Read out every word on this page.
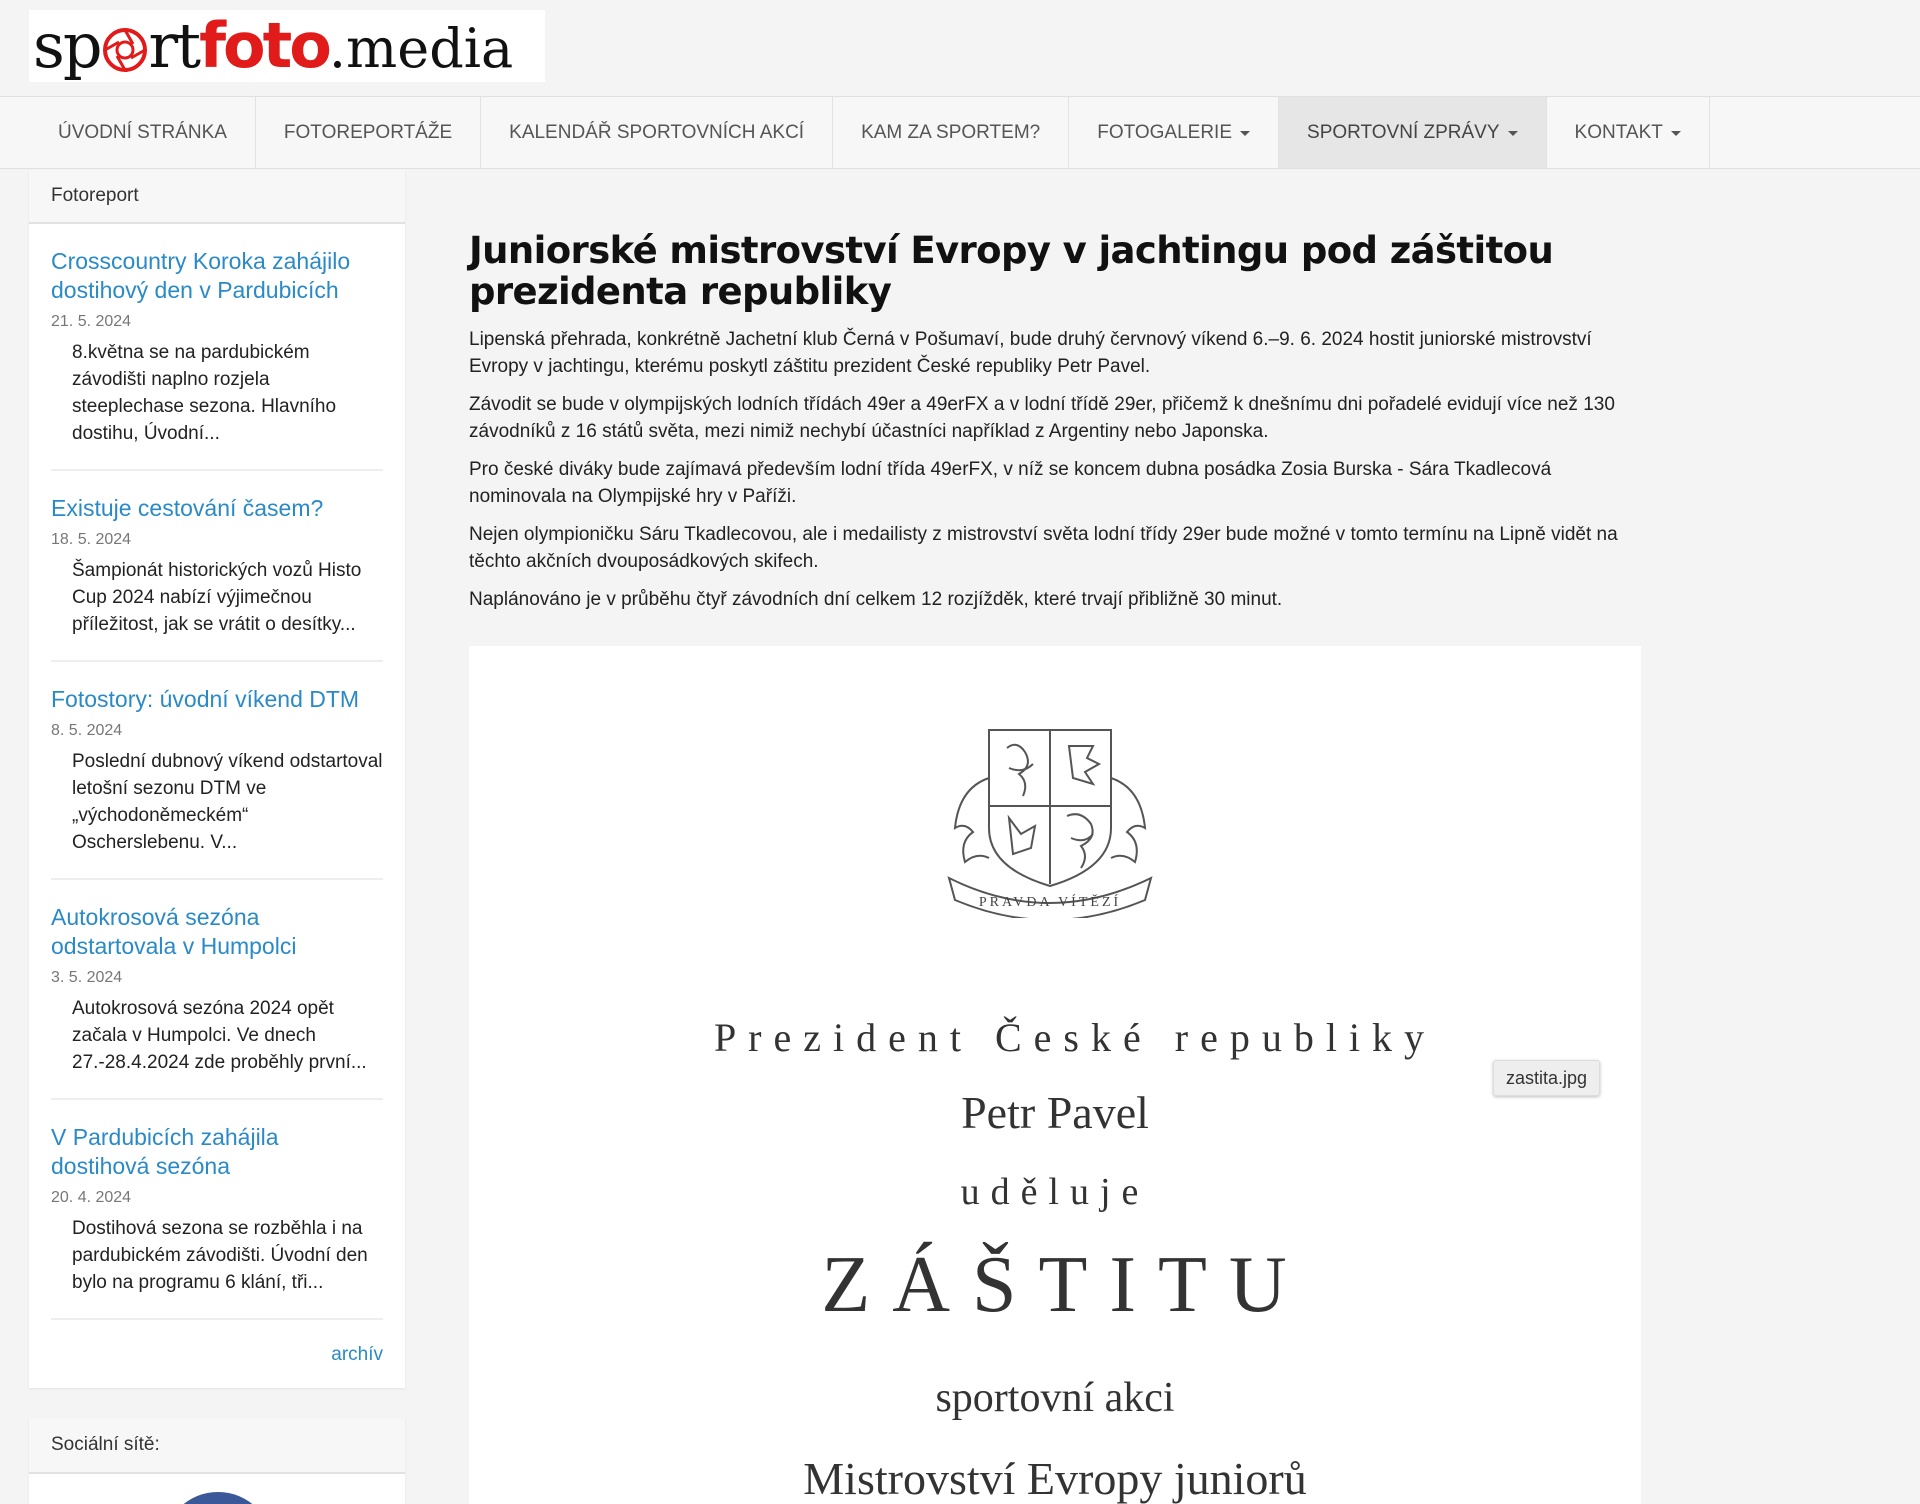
sp rt foto .media
ÚVODNÍ STRÁNKA	FOTOREPORTÁŽE	KALENDÁŘ SPORTOVNÍCH AKCÍ	KAM ZA SPORTEM?	FOTOGALERIE	SPORTOVNÍ ZPRÁVY	KONTAKT
Fotoreport
Crosscountry Koroka zahájilo dostihový den v Pardubicích
21. 5. 2024
8.května se na pardubickém závodišti naplno rozjela steeplechase sezona. Hlavního dostihu, Úvodní...
Existuje cestování časem?
18. 5. 2024
Šampionát historických vozů Histo Cup 2024 nabízí výjimečnou příležitost, jak se vrátit o desítky...
Fotostory: úvodní víkend DTM
8. 5. 2024
Poslední dubnový víkend odstartoval letošní sezonu DTM ve „východoněmeckém“ Oscherslebenu. V...
Autokrosová sezóna odstartovala v Humpolci
3. 5. 2024
Autokrosová sezóna 2024 opět začala v Humpolci. Ve dnech 27.-28.4.2024 zde proběhly první...
V Pardubicích zahájila dostihová sezóna
20. 4. 2024
Dostihová sezona se rozběhla i na pardubickém závodišti. Úvodní den bylo na programu 6 klání, tři...
archív
Sociální sítě:
Juniorské mistrovství Evropy v jachtingu pod záštitou prezidenta republiky

Lipenská přehrada, konkrétně Jachetní klub Černá v Pošumaví, bude druhý červnový víkend 6.–9. 6. 2024 hostit juniorské mistrovství Evropy v jachtingu, kterému poskytl záštitu prezident České republiky Petr Pavel.

Závodit se bude v olympijských lodních třídách 49er a 49erFX a v lodní třídě 29er, přičemž k dnešnímu dni pořadelé evidují více než 130 závodníků z 16 států světa, mezi nimiž nechybí účastníci například z Argentiny nebo Japonska.

Pro české diváky bude zajímavá především lodní třída 49erFX, v níž se koncem dubna posádka Zosia Burska - Sára Tkadlecová nominovala na Olympijské hry v Paříži.

Nejen olympioničku Sáru Tkadlecovou, ale i medailisty z mistrovství světa lodní třídy 29er bude možné v tomto termínu na Lipně vidět na těchto akčních dvouposádkových skifech.

Naplánováno je v průběhu čtyř závodních dní celkem 12 rozjížděk, které trvají přibližně 30 minut.

PRAVDA VÍTĚZÍ
Prezident České republiky
Petr Pavel
uděluje
ZÁŠTITU
sportovní akci
Mistrovství Evropy juniorů
zastita.jpg
